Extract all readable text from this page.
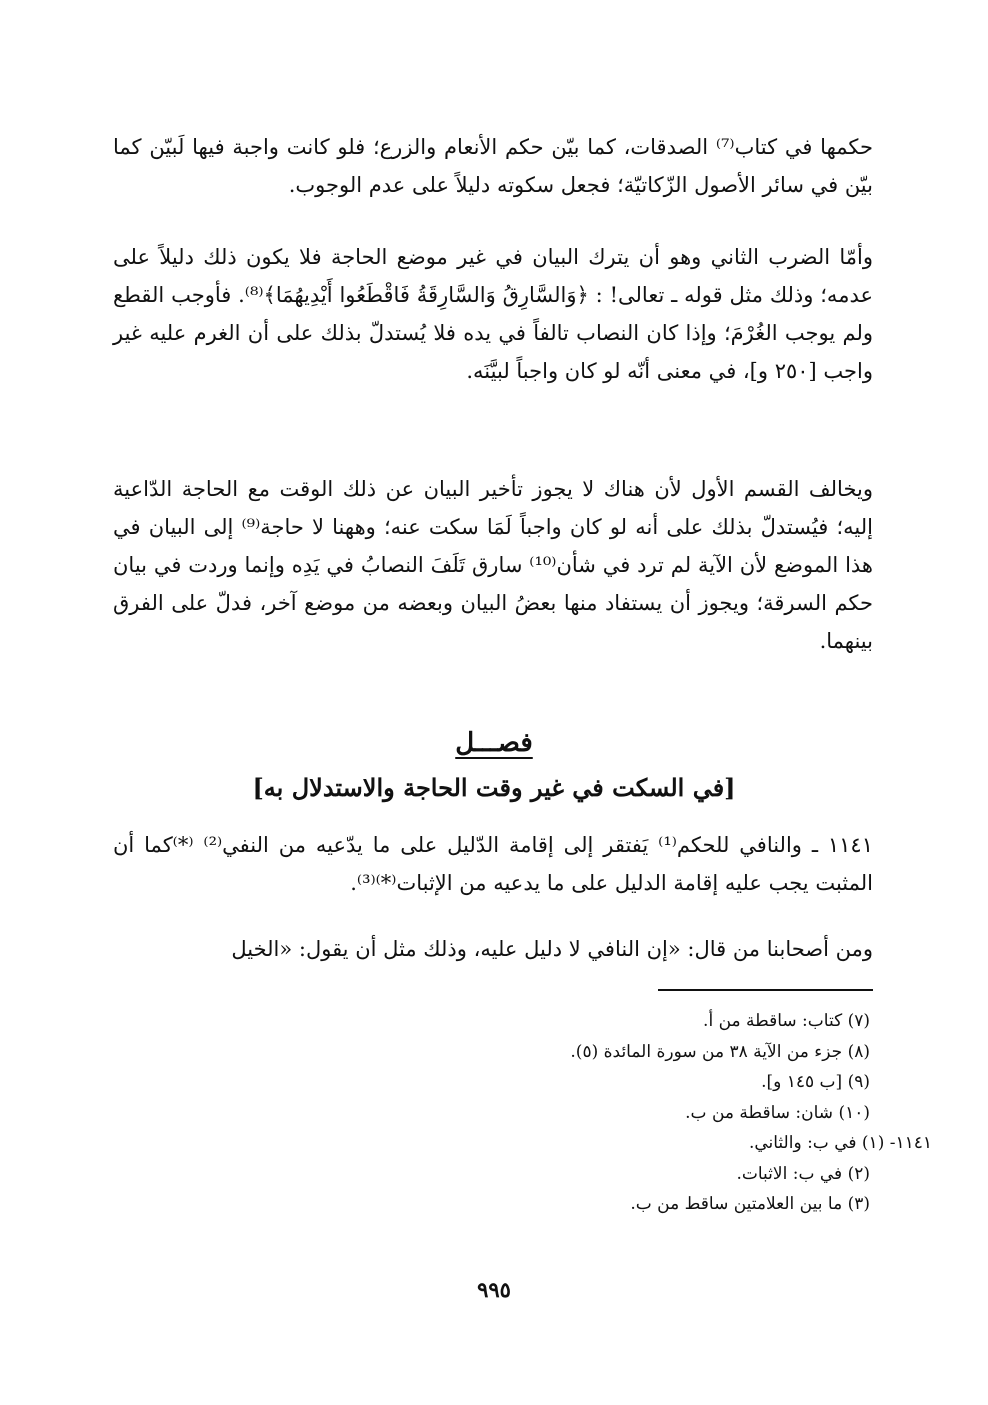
حكمها في كتاب⁽⁷⁾ الصدقات، كما بيّن حكم الأنعام والزرع؛ فلو كانت واجبة فيها لَبيّن كما بيّن في سائر الأصول الزّكاتيّة؛ فجعل سكوته دليلاً على عدم الوجوب.

وأمّا الضرب الثاني وهو أن يترك البيان في غير موضع الحاجة فلا يكون ذلك دليلاً على عدمه؛ وذلك مثل قوله ـ تعالى! : ﴿وَالسَّارِقُ وَالسَّارِقَةُ فَاقْطَعُوا أَيْدِيهُمَا﴾⁽⁸⁾. فأوجب القطع ولم يوجب الغُرْمَ؛ وإذا كان النصاب تالفاً في يده فلا يُستدلّ بذلك على أن الغرم عليه غير واجب [٢٥٠ و]، في معنى أنّه لو كان واجباً لبيَّنَه.

ويخالف القسم الأول لأن هناك لا يجوز تأخير البيان عن ذلك الوقت مع الحاجة الدّاعية إليه؛ فيُستدلّ بذلك على أنه لو كان واجباً لَمَا سكت عنه؛ وههنا لا حاجة⁽⁹⁾ إلى البيان في هذا الموضع لأن الآية لم ترد في شأن⁽¹⁰⁾ سارق تَلَفَ النصابُ في يَدِه وإنما وردت في بيان حكم السرقة؛ ويجوز أن يستفاد منها بعضُ البيان وبعضه من موضع آخر، فدلّ على الفرق بينهما.

فصـــل
[في السكت في غير وقت الحاجة والاستدلال به]

١١٤١ ـ والنافي للحكم⁽¹⁾ يَفتقر إلى إقامة الدّليل على ما يدّعيه من النفي⁽²⁾ ⁽*⁾كما أن المثبت يجب عليه إقامة الدليل على ما يدعيه من الإثبات⁽*⁾⁽³⁾.

ومن أصحابنا من قال: «إن النافي لا دليل عليه، وذلك مثل أن يقول: «الخيل

(٧) كتاب: ساقطة من أ.
(٨) جزء من الآية ٣٨ من سورة المائدة (٥).
(٩) [ب ١٤٥ و].
(١٠) شان: ساقطة من ب.
١١٤١- (١) في ب: والثاني.
(٢) في ب: الاثبات.
(٣) ما بين العلامتين ساقط من ب.
٩٩٥
